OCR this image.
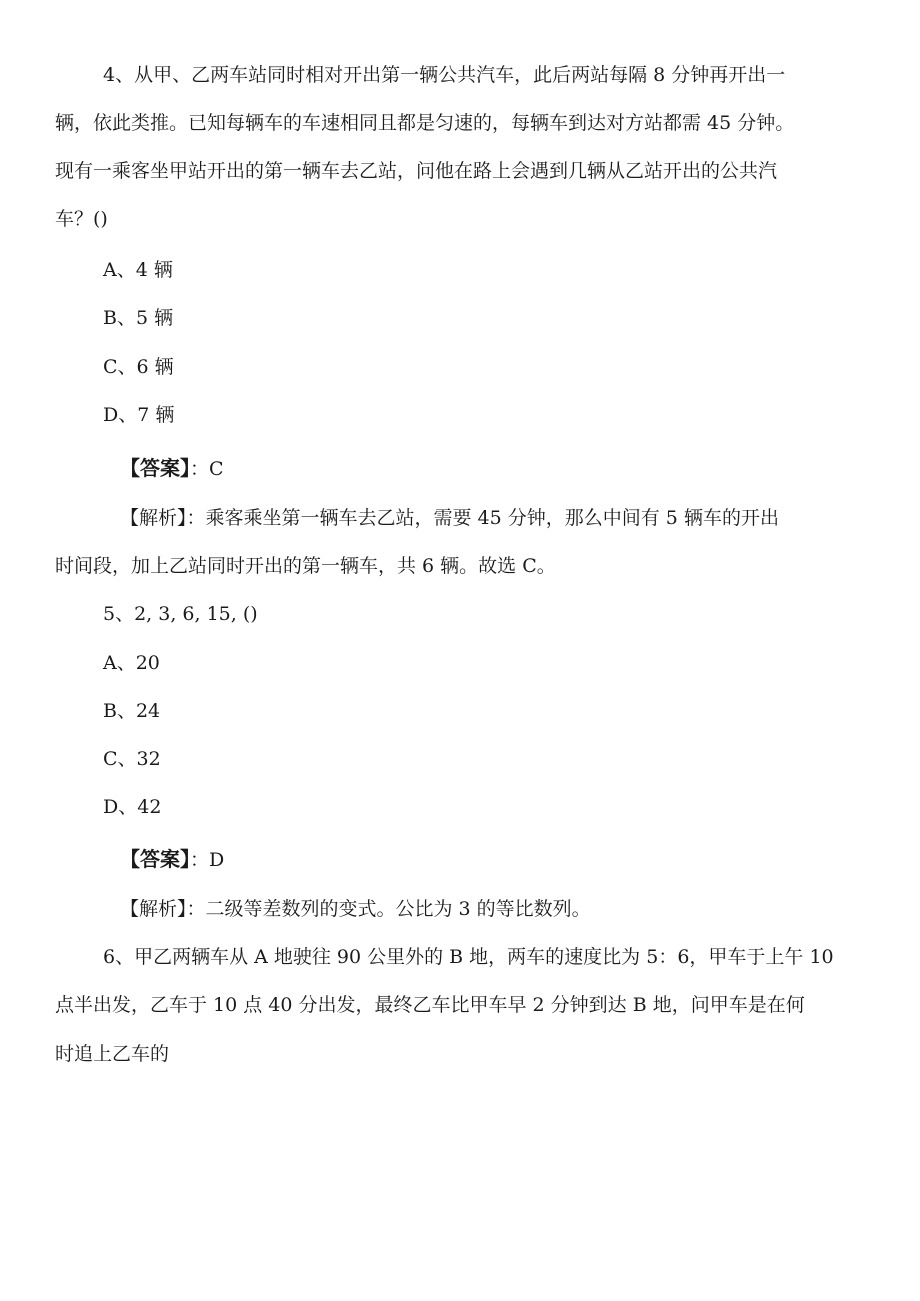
4、从甲、乙两车站同时相对开出第一辆公共汽车，此后两站每隔 8 分钟再开出一
辆，依此类推。已知每辆车的车速相同且都是匀速的，每辆车到达对方站都需 45 分钟。
现有一乘客坐甲站开出的第一辆车去乙站，问他在路上会遇到几辆从乙站开出的公共汽
车？()
A、4 辆
B、5 辆
C、6 辆
D、7 辆
【答案】：C
【解析】：乘客乘坐第一辆车去乙站，需要 45 分钟，那么中间有 5 辆车的开出
时间段，加上乙站同时开出的第一辆车，共 6 辆。故选 C。
5、2, 3, 6, 15, ()
A、20
B、24
C、32
D、42
【答案】：D
【解析】：二级等差数列的变式。公比为 3 的等比数列。
6、甲乙两辆车从 A 地驶往 90 公里外的 B 地，两车的速度比为 5：6，甲车于上午 10
点半出发，乙车于 10 点 40 分出发，最终乙车比甲车早 2 分钟到达 B 地，问甲车是在何
时追上乙车的
